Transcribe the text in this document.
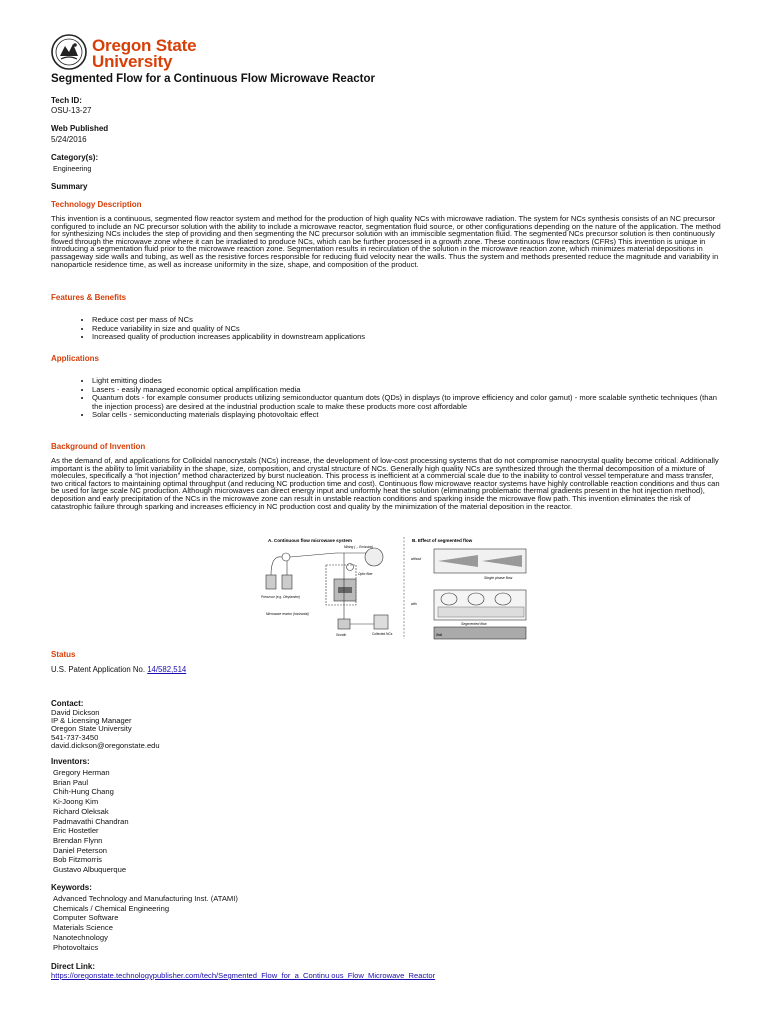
Oregon State
University
Segmented Flow for a Continuous Flow Microwave Reactor
Tech ID:
OSU-13-27
Web Published
5/24/2016
Category(s):
Engineering
Summary
Technology Description
This invention is a continuous, segmented flow reactor system and method for the production of high quality NCs with microwave radiation. The system for NCs synthesis consists of an NC precursor configured to include an NC precursor solution with the ability to include a microwave reactor, segmentation fluid source, or other configurations depending on the nature of the application. The method for synthesizing NCs includes the step of providing and then segmenting the NC precursor solution with an immiscible segmentation fluid. The segmented NCs precursor solution is then continuously flowed through the microwave zone where it can be irradiated to produce NCs, which can be further processed in a growth zone. These continuous flow reactors (CFRs) This invention is unique in introducing a segmentation fluid prior to the microwave reaction zone. Segmentation results in recirculation of the solution in the microwave reaction zone, which minimizes material depositions in passageway side walls and tubing, as well as the resistive forces responsible for reducing fluid velocity near the walls. Thus the system and methods presented reduce the magnitude and variability in nanoparticle residence time, as well as increase uniformity in the size, shape, and composition of the product.
Features & Benefits
• Reduce cost per mass of NCs
• Reduce variability in size and quality of NCs
• Increased quality of production increases applicability in downstream applications
Applications
• Light emitting diodes
• Lasers - easily managed economic optical amplification media
• Quantum dots - for example consumer products utilizing semiconductor quantum dots (QDs) in displays (to improve efficiency and color gamut) - more scalable synthetic techniques (than the injection process) are desired at the industrial production scale to make these products more cost affordable
• Solar cells - semiconducting materials displaying photovoltaic effect
Background of Invention
As the demand of, and applications for Colloidal nanocrystals (NCs) increase, the development of low-cost processing systems that do not compromise nanocrystal quality become critical. Additionally important is the ability to limit variability in the shape, size, composition, and crystal structure of NCs. Generally high quality NCs are synthesized through the thermal decomposition of a mixture of molecules, specifically a “hot injection” method characterized by burst nucleation. This process is inefficient at a commercial scale due to the inability to control vessel temperature and mass transfer, two critical factors to maintaining optimal throughput (and reducing NC production time and cost). Continuous flow microwave reactor systems have highly controllable reaction conditions and thus can be used for large scale NC production. Although microwaves can direct energy input and uniformly heat the solution (eliminating problematic thermal gradients present in the hot injection method), deposition and early precipitation of the NCs in the microwave zone can result in unstable reaction conditions and sparking inside the microwave flow path. This invention eliminates the risk of catastrophic failure through sparking and increases efficiency in NC production cost and quality by the minimization of the material deposition in the reactor.
A. Continuous flow microwave system	B. Effect of segmented flow
Mixing (→ Emission)
Precursor (e.g. Oleylamine)
Microwave reactor (horizontal)
Optic fiber
Growth	Collected NCs
without
Single phase flow
with
Segmented flow
Wall
Status
U.S. Patent Application No. 14/582,514
Contact:
David Dickson
IP & Licensing Manager
Oregon State University
541-737-3450
david.dickson@oregonstate.edu
Inventors:
Gregory Herman
Brian Paul
Chih-Hung Chang
Ki-Joong Kim
Richard Oleksak
Padmavathi Chandran
Eric Hostetler
Brendan Flynn
Daniel Peterson
Bob Fitzmorris
Gustavo Albuquerque
Keywords:
Advanced Technology and Manufacturing Inst. (ATAMI)
Chemicals / Chemical Engineering
Computer Software
Materials Science
Nanotechnology
Photovoltaics
Direct Link:
https://oregonstate.technologypublisher.com/tech/Segmented_Flow_for_a_Continu ous_Flow_Microwave_Reactor
